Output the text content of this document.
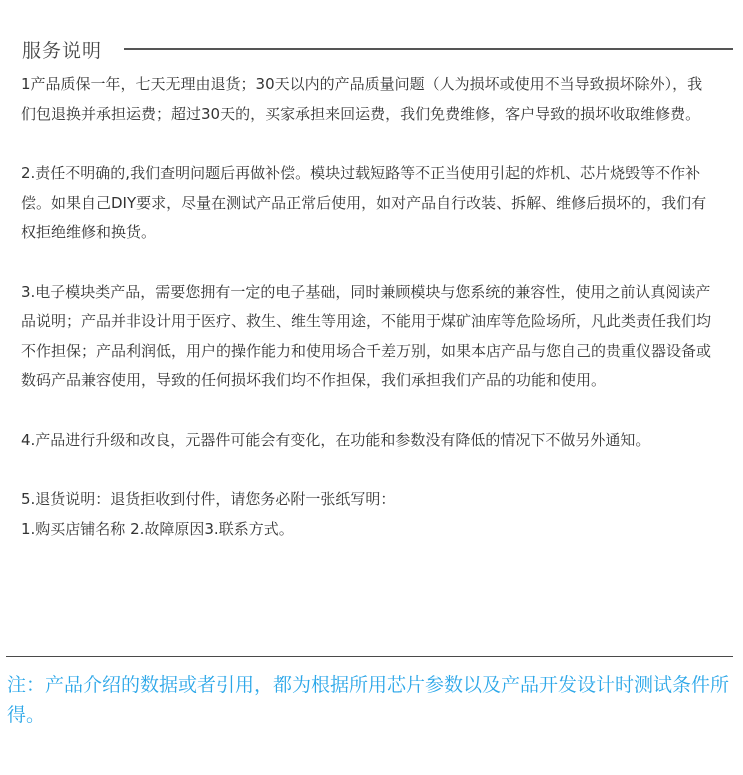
服务说明

1产品质保一年，七天无理由退货；30天以内的产品质量问题（人为损坏或使用不当导致损坏除外），我们包退换并承担运费；超过30天的，买家承担来回运费，我们免费维修，客户导致的损坏收取维修费。

2.责任不明确的,我们查明问题后再做补偿。模块过载短路等不正当使用引起的炸机、芯片烧毁等不作补偿。如果自己DIY要求，尽量在测试产品正常后使用，如对产品自行改装、拆解、维修后损坏的，我们有权拒绝维修和换货。

3.电子模块类产品，需要您拥有一定的电子基础，同时兼顾模块与您系统的兼容性，使用之前认真阅读产品说明；产品并非设计用于医疗、救生、维生等用途，不能用于煤矿油库等危险场所，凡此类责任我们均不作担保；产品利润低，用户的操作能力和使用场合千差万别，如果本店产品与您自己的贵重仪器设备或数码产品兼容使用，导致的任何损坏我们均不作担保，我们承担我们产品的功能和使用。

4.产品进行升级和改良，元器件可能会有变化，在功能和参数没有降低的情况下不做另外通知。

5.退货说明：退货拒收到付件，请您务必附一张纸写明：
1.购买店铺名称 2.故障原因3.联系方式。

注：产品介绍的数据或者引用，都为根据所用芯片参数以及产品开发设计时测试条件所得。
